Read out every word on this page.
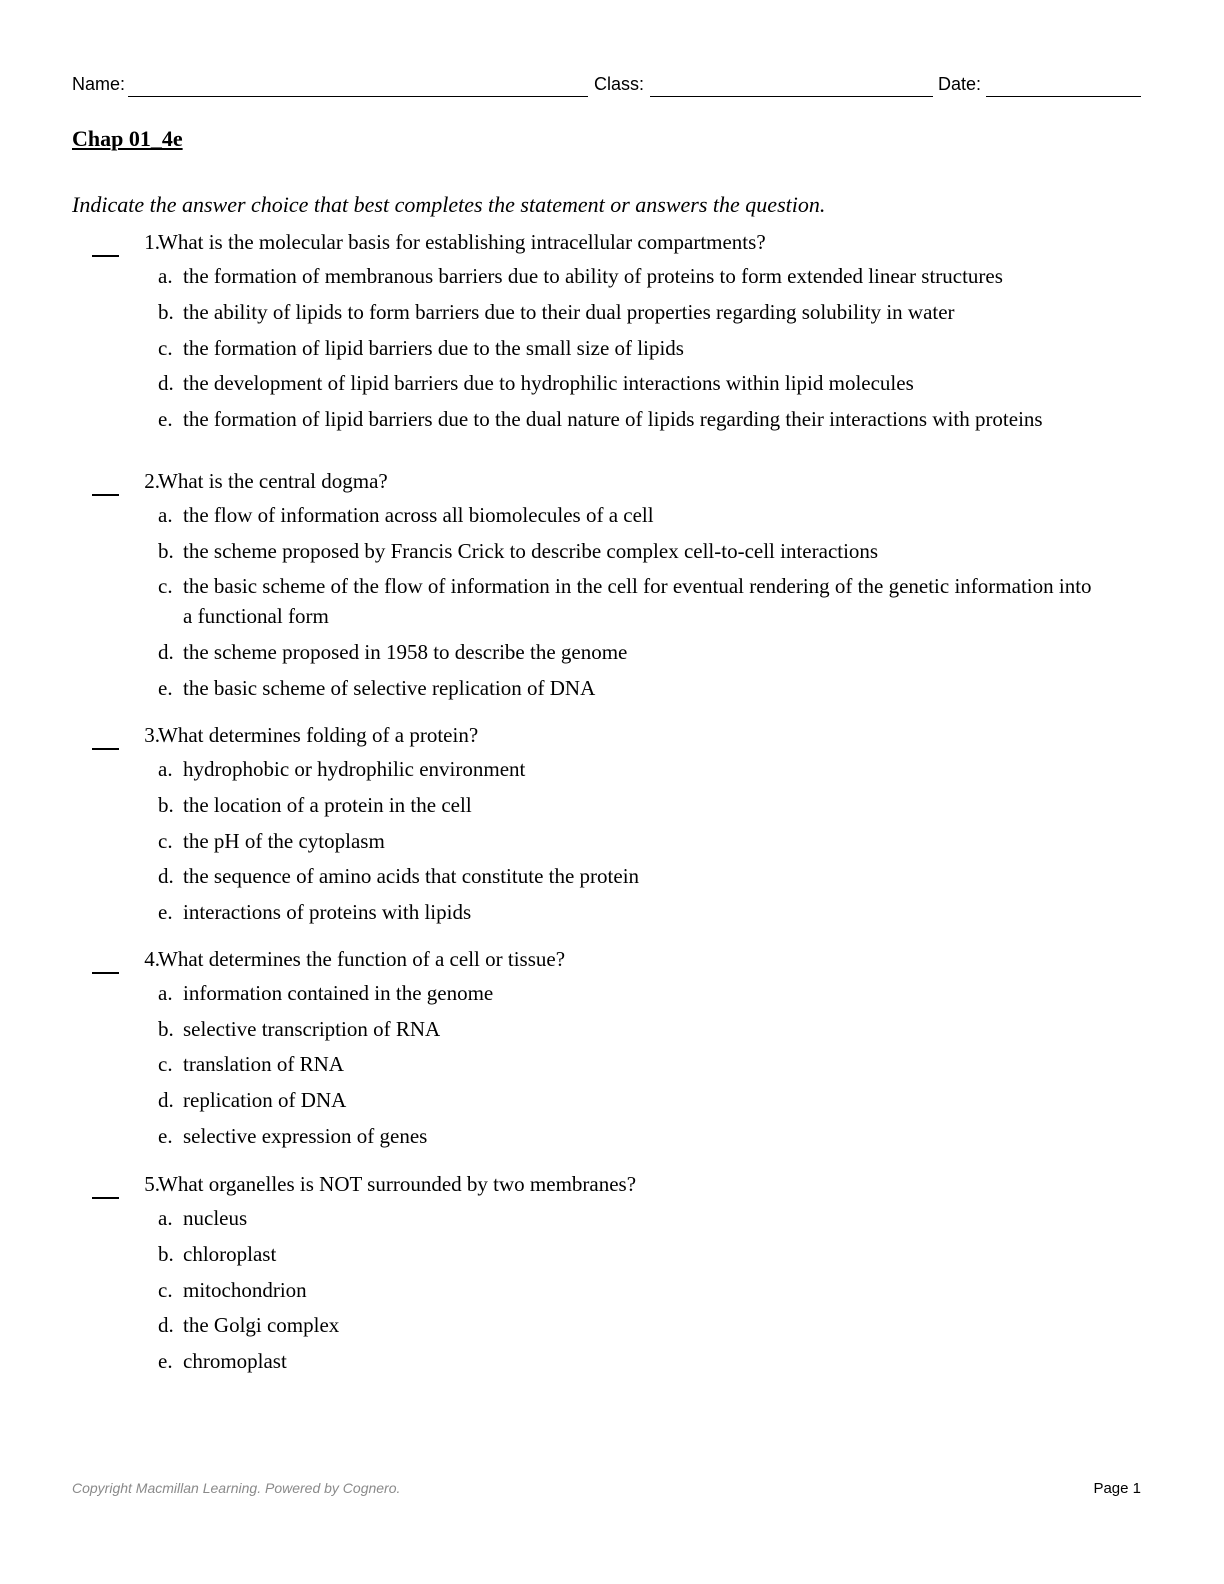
Name:	Class:	Date:
Chap 01_4e
Indicate the answer choice that best completes the statement or answers the question.
1.
What is the molecular basis for establishing intracellular compartments?
a. the formation of membranous barriers due to ability of proteins to form extended linear structures
b. the ability of lipids to form barriers due to their dual properties regarding solubility in water
c. the formation of lipid barriers due to the small size of lipids
d. the development of lipid barriers due to hydrophilic interactions within lipid molecules
e. the formation of lipid barriers due to the dual nature of lipids regarding their interactions with proteins
2.
What is the central dogma?
a. the flow of information across all biomolecules of a cell
b. the scheme proposed by Francis Crick to describe complex cell-to-cell interactions
c. the basic scheme of the flow of information in the cell for eventual rendering of the genetic information into a functional form
d. the scheme proposed in 1958 to describe the genome
e. the basic scheme of selective replication of DNA
3.
What determines folding of a protein?
a. hydrophobic or hydrophilic environment
b. the location of a protein in the cell
c. the pH of the cytoplasm
d. the sequence of amino acids that constitute the protein
e. interactions of proteins with lipids
4.
What determines the function of a cell or tissue?
a. information contained in the genome
b. selective transcription of RNA
c. translation of RNA
d. replication of DNA
e. selective expression of genes
5.
What organelles is NOT surrounded by two membranes?
a. nucleus
b. chloroplast
c. mitochondrion
d. the Golgi complex
e. chromoplast
Copyright Macmillan Learning. Powered by Cognero.	Page 1
